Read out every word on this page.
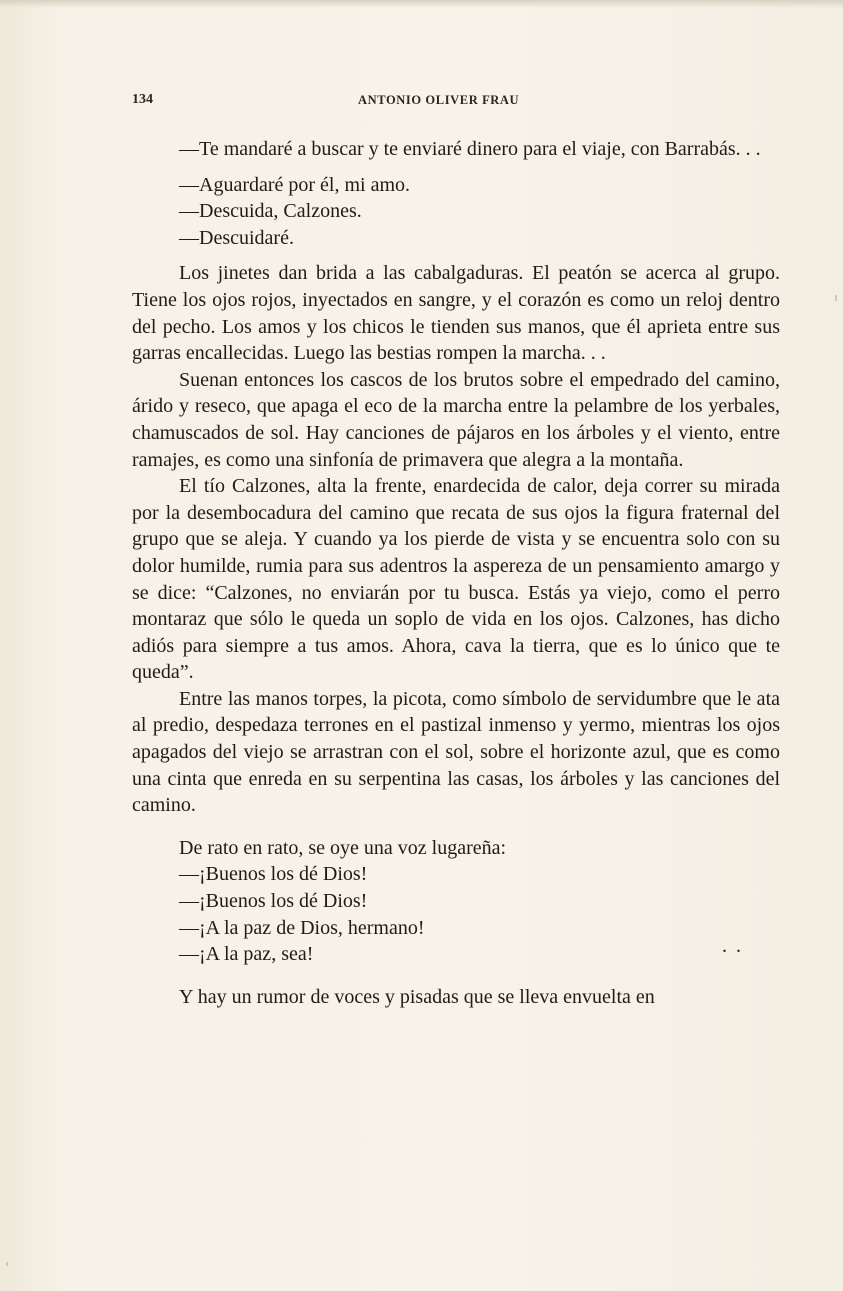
134	ANTONIO OLIVER FRAU

—Te mandaré a buscar y te enviaré dinero para el viaje, con Barrabás. . .

—Aguardaré por él, mi amo.

—Descuida, Calzones.

—Descuidaré.

Los jinetes dan brida a las cabalgaduras. El peatón se acerca al grupo. Tiene los ojos rojos, inyectados en sangre, y el corazón es como un reloj dentro del pecho. Los amos y los chicos le tienden sus manos, que él aprieta entre sus garras encallecidas. Luego las bestias rompen la marcha. . .

Suenan entonces los cascos de los brutos sobre el empedrado del camino, árido y reseco, que apaga el eco de la marcha entre la pelambre de los yerbales, chamuscados de sol. Hay canciones de pájaros en los árboles y el viento, entre ramajes, es como una sinfonía de primavera que alegra a la montaña.

El tío Calzones, alta la frente, enardecida de calor, deja correr su mirada por la desembocadura del camino que recata de sus ojos la figura fraternal del grupo que se aleja. Y cuando ya los pierde de vista y se encuentra solo con su dolor humilde, rumia para sus adentros la aspereza de un pensamiento amargo y se dice: “Calzones, no enviarán por tu busca. Estás ya viejo, como el perro montaraz que sólo le queda un soplo de vida en los ojos. Calzones, has dicho adiós para siempre a tus amos. Ahora, cava la tierra, que es lo único que te queda”.

Entre las manos torpes, la picota, como símbolo de servidumbre que le ata al predio, despedaza terrones en el pastizal inmenso y yermo, mientras los ojos apagados del viejo se arrastran con el sol, sobre el horizonte azul, que es como una cinta que enreda en su serpentina las casas, los árboles y las canciones del camino.

De rato en rato, se oye una voz lugareña:

—¡Buenos los dé Dios!

—¡Buenos los dé Dios!

—¡A la paz de Dios, hermano!

—¡A la paz, sea!

Y hay un rumor de voces y pisadas que se lleva envuelta en

. .
